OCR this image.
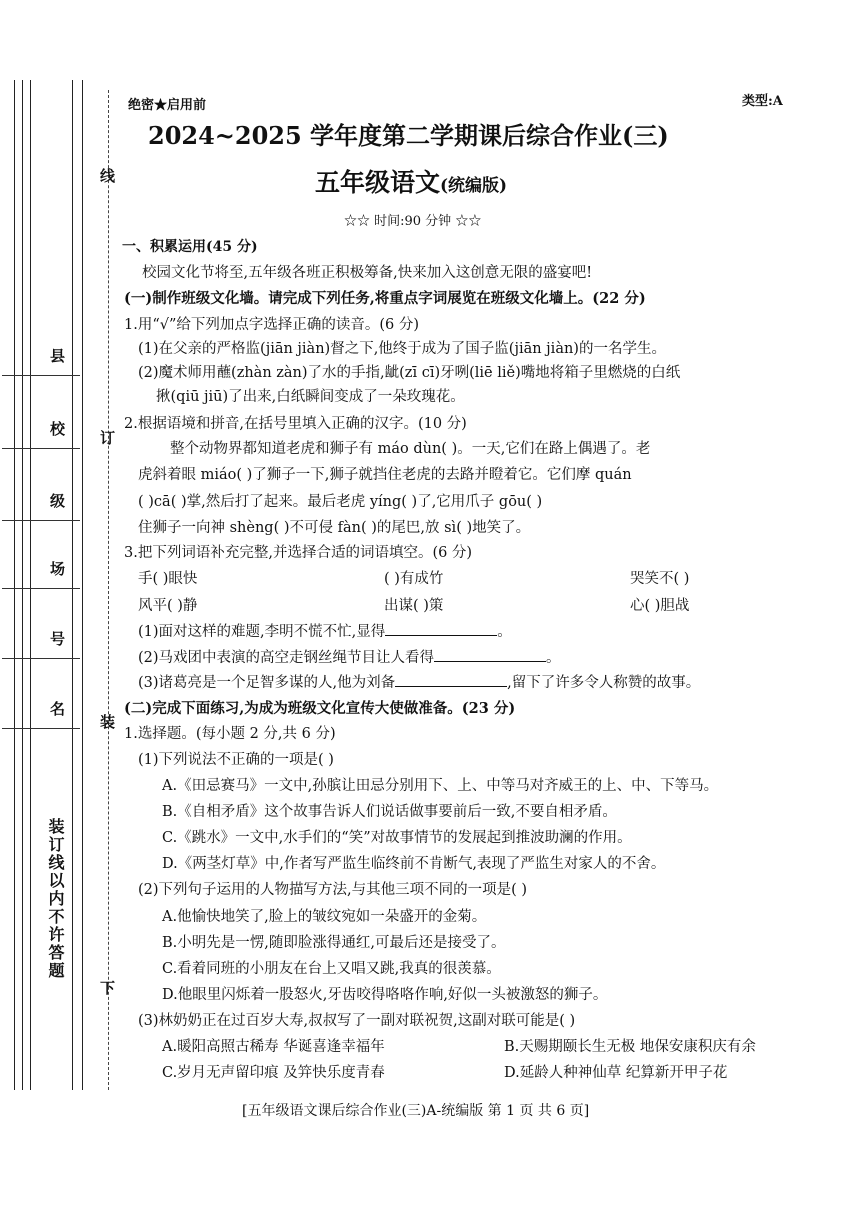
线
订
装
下
县
校
级
场
号
名
装订线以内不许答题
绝密★启用前	类型:A
2024~2025 学年度第二学期课后综合作业(三)
五年级语文(统编版)
☆☆ 时间:90 分钟 ☆☆
一、积累运用(45 分)
校园文化节将至,五年级各班正积极筹备,快来加入这创意无限的盛宴吧!
(一)制作班级文化墙。请完成下列任务,将重点字词展览在班级文化墙上。(22 分)
1.用“√”给下列加点字选择正确的读音。(6 分)
(1)在父亲的严格监(jiān jiàn)督之下,他终于成为了国子监(jiān jiàn)的一名学生。
(2)魔术师用蘸(zhàn zàn)了水的手指,龇(zī cī)牙咧(liē liě)嘴地将箱子里燃烧的白纸
揪(qiū jiū)了出来,白纸瞬间变成了一朵玫瑰花。
2.根据语境和拼音,在括号里填入正确的汉字。(10 分)
整个动物界都知道老虎和狮子有 máo dùn( )。一天,它们在路上偶遇了。老
虎斜着眼 miáo( )了狮子一下,狮子就挡住老虎的去路并瞪着它。它们摩 quán
( )cā( )掌,然后打了起来。最后老虎 yíng( )了,它用爪子 gōu( )
住狮子一向神 shèng( )不可侵 fàn( )的尾巴,放 sì( )地笑了。
3.把下列词语补充完整,并选择合适的词语填空。(6 分)
手( )眼快	( )有成竹	哭笑不( )
风平( )静	出谋( )策	心( )胆战
(1)面对这样的难题,李明不慌不忙,显得	。
(2)马戏团中表演的高空走钢丝绳节目让人看得	。
(3)诸葛亮是一个足智多谋的人,他为刘备	,留下了许多令人称赞的故事。
(二)完成下面练习,为成为班级文化宣传大使做准备。(23 分)
1.选择题。(每小题 2 分,共 6 分)
(1)下列说法不正确的一项是( )
A.《田忌赛马》一文中,孙膑让田忌分别用下、上、中等马对齐威王的上、中、下等马。
B.《自相矛盾》这个故事告诉人们说话做事要前后一致,不要自相矛盾。
C.《跳水》一文中,水手们的“笑”对故事情节的发展起到推波助澜的作用。
D.《两茎灯草》中,作者写严监生临终前不肯断气,表现了严监生对家人的不舍。
(2)下列句子运用的人物描写方法,与其他三项不同的一项是( )
A.他愉快地笑了,脸上的皱纹宛如一朵盛开的金菊。
B.小明先是一愣,随即脸涨得通红,可最后还是接受了。
C.看着同班的小朋友在台上又唱又跳,我真的很羡慕。
D.他眼里闪烁着一股怒火,牙齿咬得咯咯作响,好似一头被激怒的狮子。
(3)林奶奶正在过百岁大寿,叔叔写了一副对联祝贺,这副对联可能是( )
A.暖阳高照古稀寿 华诞喜逢幸福年	B.天赐期颐长生无极 地保安康积庆有余
C.岁月无声留印痕 及笄快乐度青春	D.延龄人种神仙草 纪算新开甲子花
[五年级语文课后综合作业(三)A-统编版 第 1 页 共 6 页]
